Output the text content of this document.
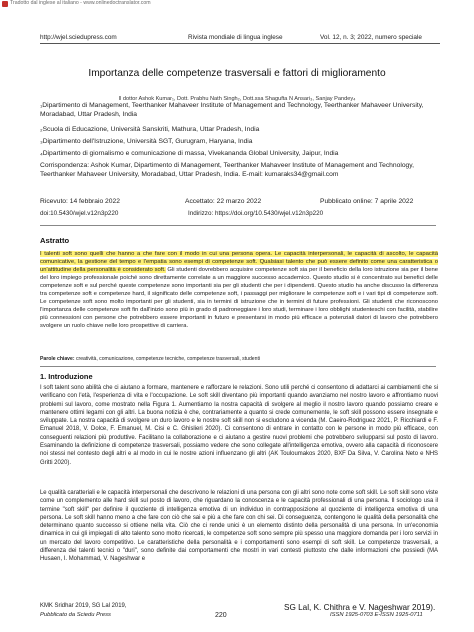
Tradotto dal inglese al italiano - www.onlinedoctranslator.com
http://wjel.sciedupress.com	Rivista mondiale di lingua inglese	Vol. 12, n. 3; 2022, numero speciale
Importanza delle competenze trasversali e fattori di miglioramento
Il dottor Ashok Kumar₁, Dott. Prabhu Nath Singh₂, Dott.ssa Shagufta N Ansari₃, Sanjay Pandey₄
₁Dipartimento di Management, Teerthanker Mahaveer Institute of Management and Technology, Teerthanker Mahaveer University, Moradabad, Uttar Pradesh, India
₂Scuola di Educazione, Università Sanskriti, Mathura, Uttar Pradesh, India
₃Dipartimento dell'Istruzione, Università SGT, Gurugram, Haryana, India
₄Dipartimento di giornalismo e comunicazione di massa, Vivekananda Global University, Jaipur, India
Corrispondenza: Ashok Kumar, Dipartimento di Management, Teerthanker Mahaveer Institute of Management and Technology, Teerthanker Mahaveer University, Moradabad, Uttar Pradesh, India. E-mail: kumaraks34@gmail.com
Ricevuto: 14 febbraio 2022	Accettato: 22 marzo 2022	Pubblicato online: 7 aprile 2022
doi:10.5430/wjel.v12n3p220	Indirizzo: https://doi.org/10.5430/wjel.v12n3p220
Astratto
I talenti soft sono quelli che hanno a che fare con il modo in cui una persona opera. Le capacità interpersonali, le capacità di ascolto, le capacità comunicative, la gestione del tempo e l'empatia sono esempi di competenze soft. Qualsiasi talento che può essere definito come una caratteristica o un'attitudine della personalità è considerato soft. Gli studenti dovrebbero acquisire competenze soft sia per il beneficio della loro istruzione sia per il bene del loro impiego professionale poiché sono direttamente correlate a un maggiore successo accademico. Questo studio si è concentrato sui benefici delle competenze soft e sul perché queste competenze sono importanti sia per gli studenti che per i dipendenti. Questo studio ha anche discusso la differenza tra competenze soft e competenze hard, il significato delle competenze soft, i passaggi per migliorare le competenze soft e i vari tipi di competenze soft. Le competenze soft sono molto importanti per gli studenti, sia in termini di istruzione che in termini di future professioni. Gli studenti che riconoscono l'importanza delle competenze soft fin dall'inizio sono più in grado di padroneggiare i loro studi, terminare i loro obblighi studenteschi con facilità, stabilire più connessioni con persone che potrebbero essere importanti in futuro e presentarsi in modo più efficace a potenziali datori di lavoro che potrebbero svolgere un ruolo chiave nelle loro prospettive di carriera.
Parole chiave: creatività, comunicazione, competenze tecniche, competenze trasversali, studenti
1. Introduzione
I soft talent sono abilità che ci aiutano a formare, mantenere e rafforzare le relazioni. Sono utili perché ci consentono di adattarci ai cambiamenti che si verificano con l'età, l'esperienza di vita e l'occupazione. Le soft skill diventano più importanti quando avanziamo nel nostro lavoro e affrontiamo nuovi problemi sul lavoro, come mostrato nella Figura 1. Aumentiamo la nostra capacità di svolgere al meglio il nostro lavoro quando possiamo creare e mantenere ottimi legami con gli altri. La buona notizia è che, contrariamente a quanto si crede comunemente, le soft skill possono essere insegnate e sviluppate. La nostra capacità di svolgere un duro lavoro e le nostre soft skill non si escludono a vicenda (M. Caeiro-Rodriguez 2021, P. Ricchiardi e F. Emanuel 2018, V. Dolce, F. Emanuel, M. Cisi e C. Ghislieri 2020). Ci consentono di entrare in contatto con le persone in modo più efficace, con conseguenti relazioni più produttive. Facilitano la collaborazione e ci aiutano a gestire nuovi problemi che potrebbero svilupparsi sul posto di lavoro. Esaminando la definizione di competenze trasversali, possiamo vedere che sono collegate all'intelligenza emotiva, ovvero alla capacità di riconoscere noi stessi nel contesto degli altri e al modo in cui le nostre azioni influenzano gli altri (AK Touloumakos 2020, BXF Da Silva, V. Carolina Neto e NHS Gritti 2020).
Le qualità caratteriali e le capacità interpersonali che descrivono le relazioni di una persona con gli altri sono note come soft skill. Le soft skill sono viste come un complemento alle hard skill sul posto di lavoro, che riguardano la conoscenza e le capacità professionali di una persona. Il sociologo usa il termine "soft skill" per definire il quoziente di intelligenza emotiva di un individuo in contrapposizione al quoziente di intelligenza emotiva di una persona. Le soft skill hanno meno a che fare con ciò che sai e più a che fare con chi sei. Di conseguenza, contengono le qualità della personalità che determinano quanto successo si ottiene nella vita. Ciò che ci rende unici è un elemento distinto della personalità di una persona. In un'economia dinamica in cui gli impiegati di alto talento sono molto ricercati, le competenze soft sono sempre più spesso una maggiore domanda per i loro servizi in un mercato del lavoro competitivo. Le caratteristiche della personalità e i comportamenti sono esempi di soft skill. Le competenze trasversali, a differenza dei talenti tecnici o "duri", sono definite dai comportamenti che mostri in vari contesti piuttosto che dalle informazioni che possiedi (MA Husaen, I. Mohammad, V. Nageshwar e
KMK Sridhar 2019, SG Lal 2019,	SG Lal, K. Chithra e V. Nageshwar 2019).
Pubblicato da Sciedu Press	220	ISSN 1925-0703 E-ISSN 1925-0711
